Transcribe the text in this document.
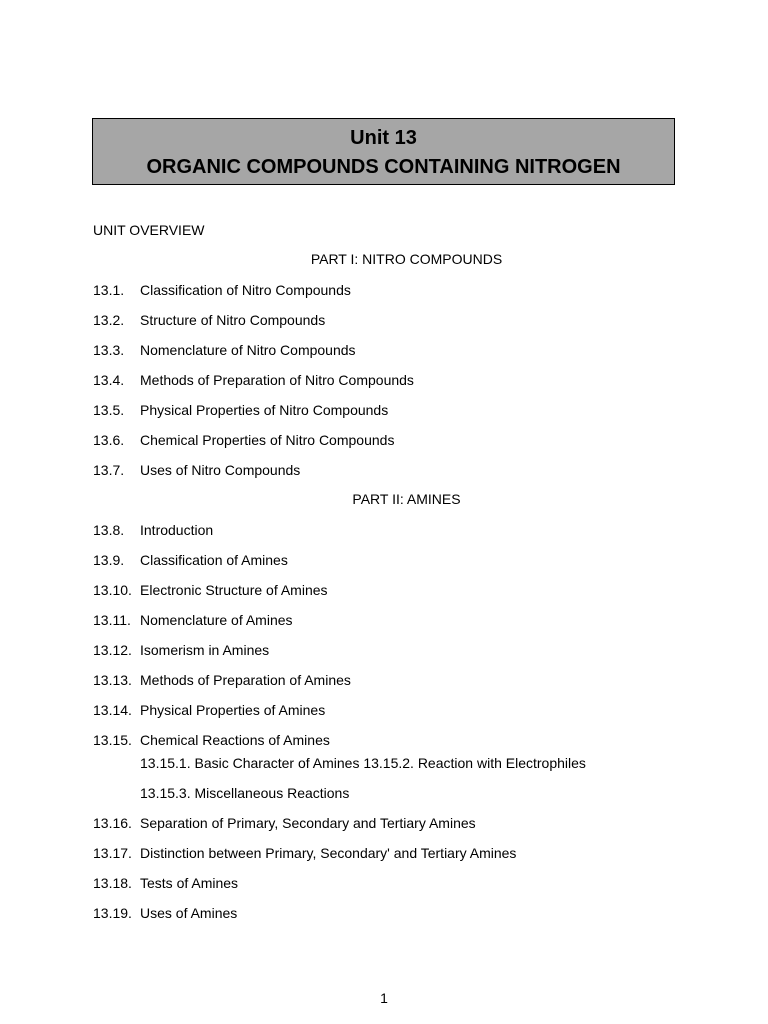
Unit 13
ORGANIC COMPOUNDS CONTAINING NITROGEN
UNIT OVERVIEW
PART I: NITRO COMPOUNDS
13.1. Classification of Nitro Compounds
13.2. Structure of Nitro Compounds
13.3. Nomenclature of Nitro Compounds
13.4. Methods of Preparation of Nitro Compounds
13.5. Physical Properties of Nitro Compounds
13.6. Chemical Properties of Nitro Compounds
13.7. Uses of Nitro Compounds
PART II: AMINES
13.8. Introduction
13.9. Classification of Amines
13.10. Electronic Structure of Amines
13.11. Nomenclature of Amines
13.12. Isomerism in Amines
13.13. Methods of Preparation of Amines
13.14. Physical Properties of Amines
13.15. Chemical Reactions of Amines
13.15.1. Basic Character of Amines 13.15.2. Reaction with Electrophiles
13.15.3. Miscellaneous Reactions
13.16. Separation of Primary, Secondary and Tertiary Amines
13.17. Distinction between Primary, Secondary' and Tertiary Amines
13.18. Tests of Amines
13.19. Uses of Amines
1
